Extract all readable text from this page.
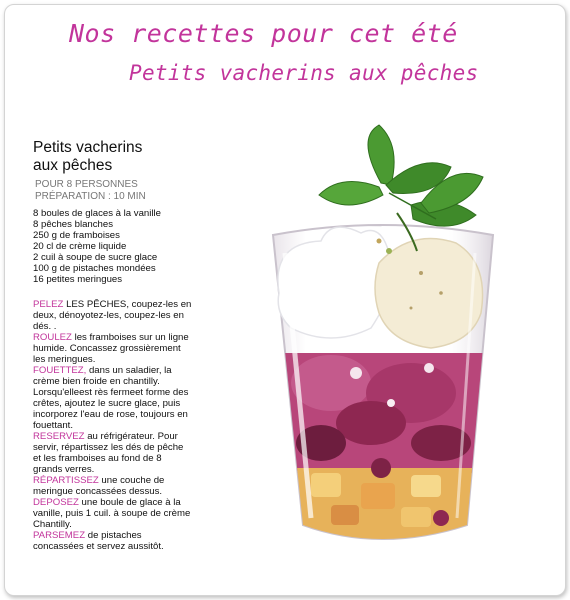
Nos recettes pour cet été
Petits vacherins aux pêches
Petits vacherins
aux pêches
POUR 8 PERSONNES
PRÉPARATION : 10 MIN
8 boules de glaces à la vanille
8 pêches blanches
250 g de framboises
20 cl de crème liquide
2 cuil à soupe de sucre glace
100 g de pistaches mondées
16 petites meringues
PELEZ LES PÊCHES, coupez-les en deux, dénoyotez-les, coupez-les en dés. .
ROULEZ les framboises sur un ligne humide. Concassez grossièrement les meringues.
FOUETTEZ, dans un saladier, la crème bien froide en chantilly. Lorsqu'elleest rès fermeet forme des crêtes, ajoutez le sucre glace, puis incorporez l'eau de rose, toujours en fouettant.
RESERVEZ au réfrigérateur. Pour servir, répartissez les dés de pêche et les framboises au fond de 8 grands verres.
RÉPARTISSEZ une couche de meringue concassées dessus.
DEPOSEZ une boule de glace à la vanille, puis 1 cuil. à soupe de crème Chantilly.
PARSEMEZ de pistaches concassées et servez aussitôt.
